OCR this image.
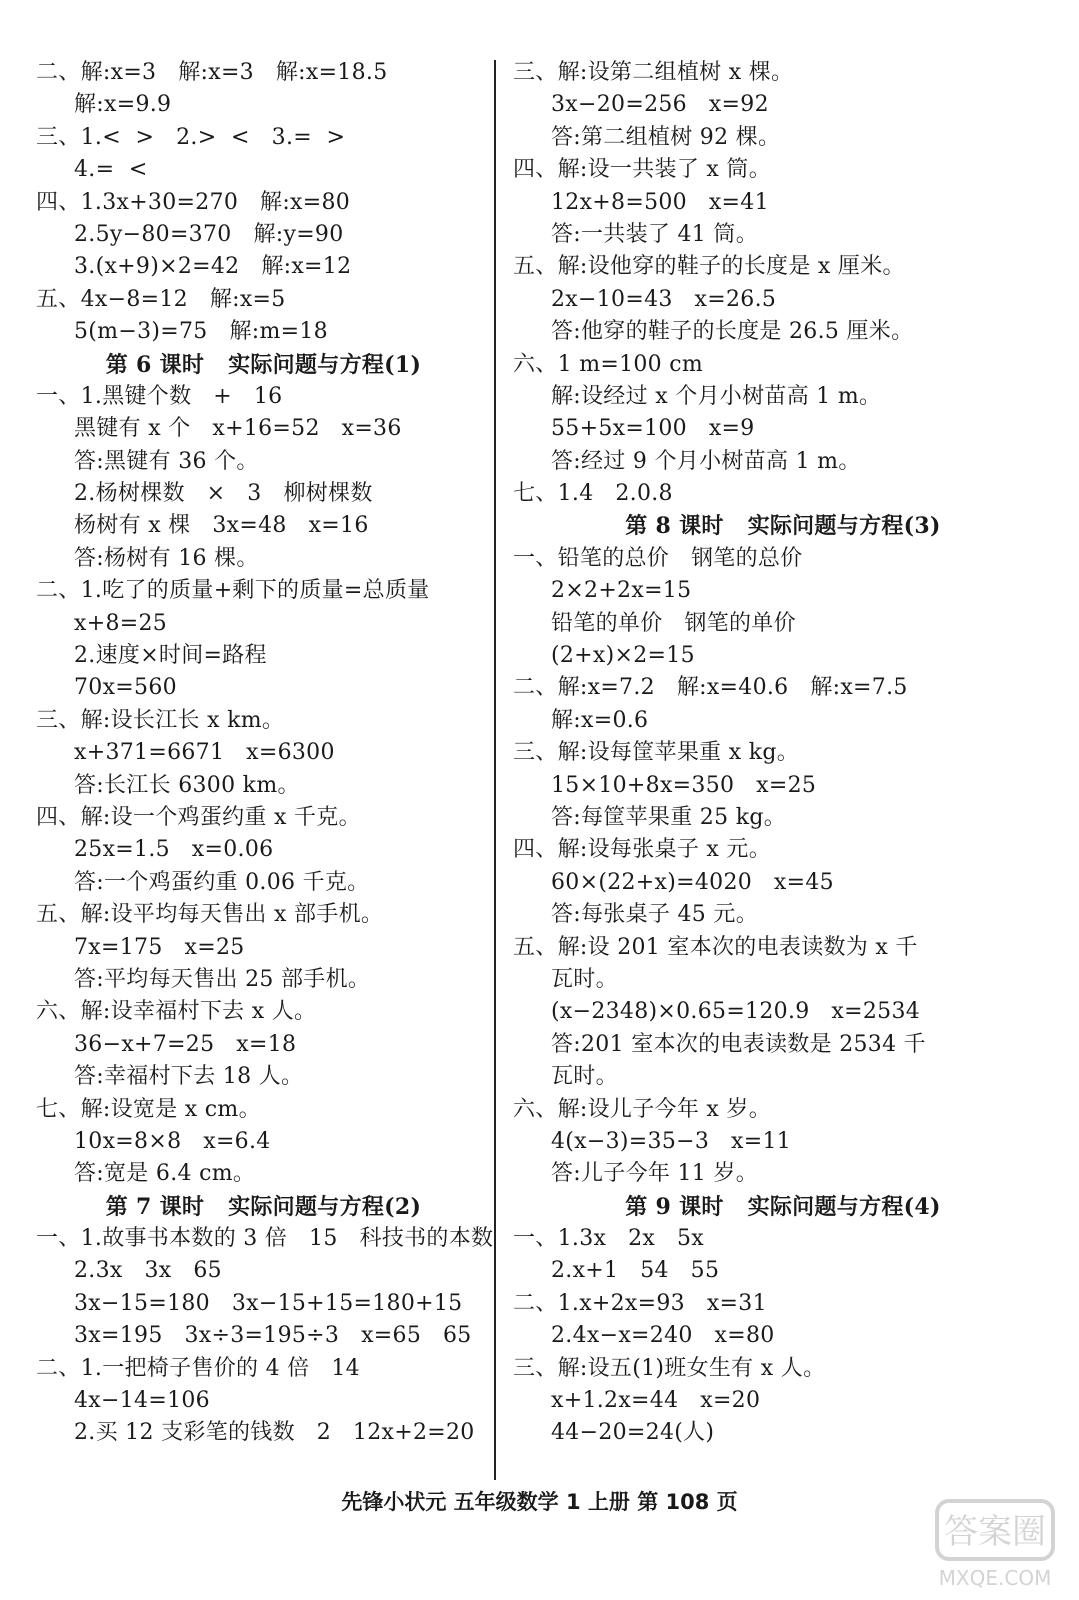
二、解:x=3   解:x=3   解:x=18.5
解:x=9.9
三、1.<  >   2.>  <   3.=  >
4.=  <
四、1.3x+30=270   解:x=80
2.5y−80=370   解:y=90
3.(x+9)×2=42   解:x=12
五、4x−8=12   解:x=5
5(m−3)=75   解:m=18
第 6 课时   实际问题与方程(1)
一、1.黑键个数   +   16
黑键有 x 个   x+16=52   x=36
答:黑键有 36 个。
2.杨树棵数   ×   3   柳树棵数
杨树有 x 棵   3x=48   x=16
答:杨树有 16 棵。
二、1.吃了的质量+剩下的质量=总质量
x+8=25
2.速度×时间=路程
70x=560
三、解:设长江长 x km。
x+371=6671   x=6300
答:长江长 6300 km。
四、解:设一个鸡蛋约重 x 千克。
25x=1.5   x=0.06
答:一个鸡蛋约重 0.06 千克。
五、解:设平均每天售出 x 部手机。
7x=175   x=25
答:平均每天售出 25 部手机。
六、解:设幸福村下去 x 人。
36−x+7=25   x=18
答:幸福村下去 18 人。
七、解:设宽是 x cm。
10x=8×8   x=6.4
答:宽是 6.4 cm。
第 7 课时   实际问题与方程(2)
一、1.故事书本数的 3 倍   15   科技书的本数
2.3x   3x   65
3x−15=180   3x−15+15=180+15
3x=195   3x÷3=195÷3   x=65   65
二、1.一把椅子售价的 4 倍   14
4x−14=106
2.买 12 支彩笔的钱数   2   12x+2=20
三、解:设第二组植树 x 棵。
3x−20=256   x=92
答:第二组植树 92 棵。
四、解:设一共装了 x 筒。
12x+8=500   x=41
答:一共装了 41 筒。
五、解:设他穿的鞋子的长度是 x 厘米。
2x−10=43   x=26.5
答:他穿的鞋子的长度是 26.5 厘米。
六、1 m=100 cm
解:设经过 x 个月小树苗高 1 m。
55+5x=100   x=9
答:经过 9 个月小树苗高 1 m。
七、1.4   2.0.8
第 8 课时   实际问题与方程(3)
一、铅笔的总价   钢笔的总价
2×2+2x=15
铅笔的单价   钢笔的单价
(2+x)×2=15
二、解:x=7.2   解:x=40.6   解:x=7.5
解:x=0.6
三、解:设每筐苹果重 x kg。
15×10+8x=350   x=25
答:每筐苹果重 25 kg。
四、解:设每张桌子 x 元。
60×(22+x)=4020   x=45
答:每张桌子 45 元。
五、解:设 201 室本次的电表读数为 x 千
瓦时。
(x−2348)×0.65=120.9   x=2534
答:201 室本次的电表读数是 2534 千
瓦时。
六、解:设儿子今年 x 岁。
4(x−3)=35−3   x=11
答:儿子今年 11 岁。
第 9 课时   实际问题与方程(4)
一、1.3x   2x   5x
2.x+1   54   55
二、1.x+2x=93   x=31
2.4x−x=240   x=80
三、解:设五(1)班女生有 x 人。
x+1.2x=44   x=20
44−20=24(人)
先锋小状元 五年级数学 1 上册 第 108 页
答案圈
MXQE.COM
